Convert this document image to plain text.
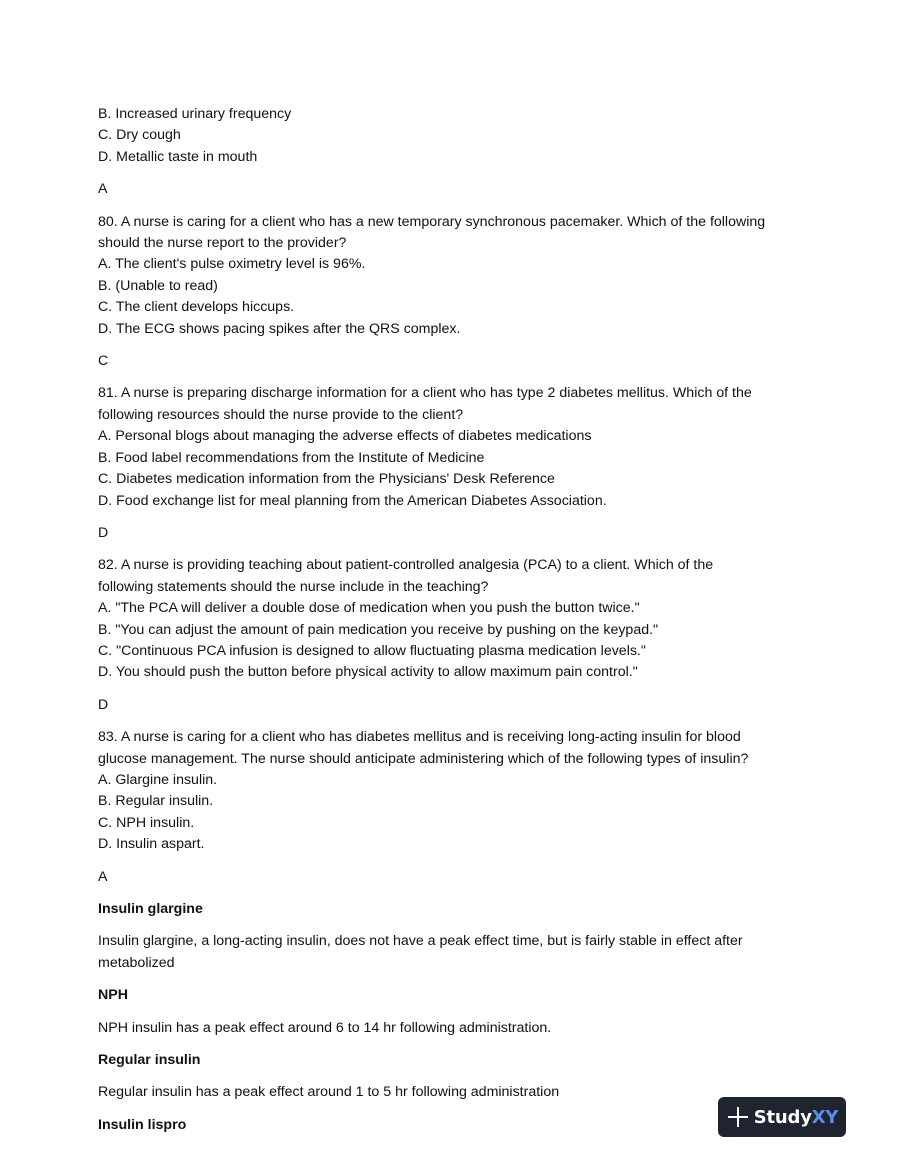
B. Increased urinary frequency
C. Dry cough
D. Metallic taste in mouth
A
80. A nurse is caring for a client who has a new temporary synchronous pacemaker. Which of the following
should the nurse report to the provider?
A. The client's pulse oximetry level is 96%.
B. (Unable to read)
C. The client develops hiccups.
D. The ECG shows pacing spikes after the QRS complex.
C
81. A nurse is preparing discharge information for a client who has type 2 diabetes mellitus. Which of the
following resources should the nurse provide to the client?
A. Personal blogs about managing the adverse effects of diabetes medications
B. Food label recommendations from the Institute of Medicine
C. Diabetes medication information from the Physicians' Desk Reference
D. Food exchange list for meal planning from the American Diabetes Association.
D
82. A nurse is providing teaching about patient-controlled analgesia (PCA) to a client. Which of the
following statements should the nurse include in the teaching?
A. "The PCA will deliver a double dose of medication when you push the button twice."
B. "You can adjust the amount of pain medication you receive by pushing on the keypad."
C. "Continuous PCA infusion is designed to allow fluctuating plasma medication levels."
D. You should push the button before physical activity to allow maximum pain control."
D
83. A nurse is caring for a client who has diabetes mellitus and is receiving long-acting insulin for blood
glucose management. The nurse should anticipate administering which of the following types of insulin?
A. Glargine insulin.
B. Regular insulin.
C. NPH insulin.
D. Insulin aspart.
A
Insulin glargine
Insulin glargine, a long-acting insulin, does not have a peak effect time, but is fairly stable in effect after
metabolized
NPH
NPH insulin has a peak effect around 6 to 14 hr following administration.
Regular insulin
Regular insulin has a peak effect around 1 to 5 hr following administration
Insulin lispro	StudyXY
